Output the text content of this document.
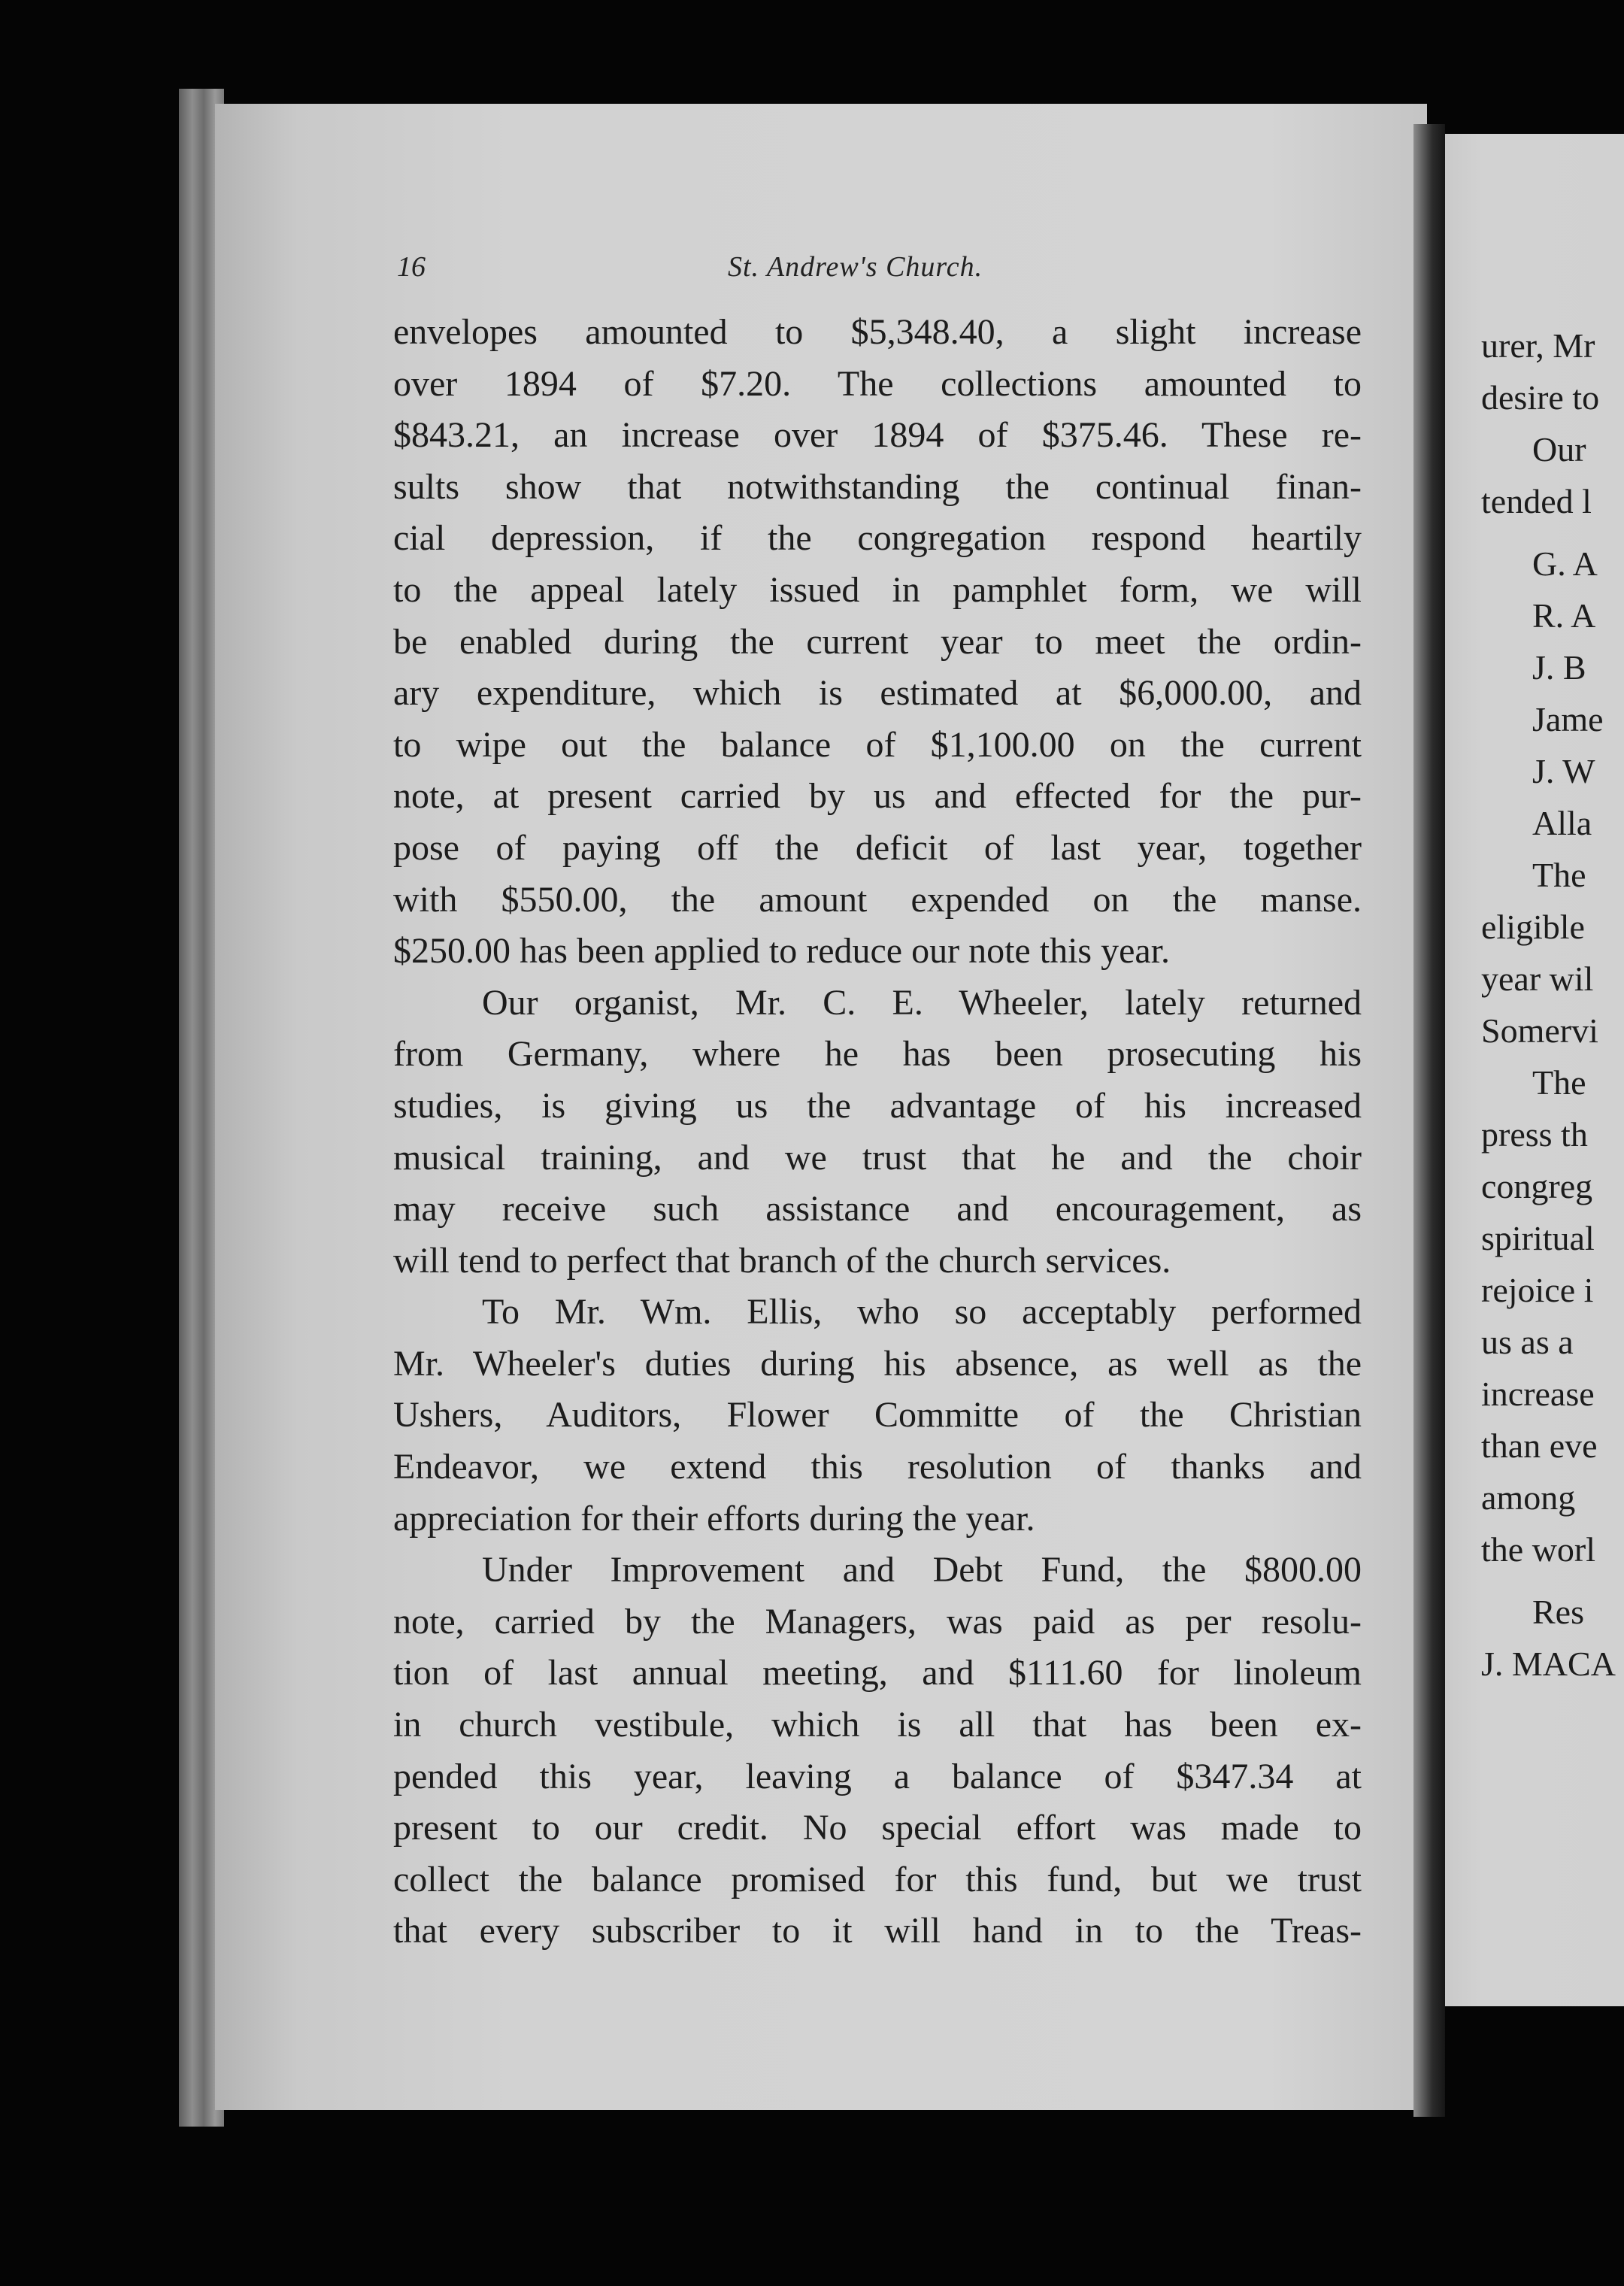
16	St. Andrew's Church.
envelopes amounted to $5,348.40, a slight increase
over 1894 of $7.20. The collections amounted to
$843.21, an increase over 1894 of $375.46. These re-
sults show that notwithstanding the continual finan-
cial depression, if the congregation respond heartily
to the appeal lately issued in pamphlet form, we will
be enabled during the current year to meet the ordin-
ary expenditure, which is estimated at $6,000.00, and
to wipe out the balance of $1,100.00 on the current
note, at present carried by us and effected for the pur-
pose of paying off the deficit of last year, together
with $550.00, the amount expended on the manse.
$250.00 has been applied to reduce our note this year.
Our organist, Mr. C. E. Wheeler, lately returned
from Germany, where he has been prosecuting his
studies, is giving us the advantage of his increased
musical training, and we trust that he and the choir
may receive such assistance and encouragement, as
will tend to perfect that branch of the church services.
To Mr. Wm. Ellis, who so acceptably performed
Mr. Wheeler's duties during his absence, as well as the
Ushers, Auditors, Flower Committe of the Christian
Endeavor, we extend this resolution of thanks and
appreciation for their efforts during the year.
Under Improvement and Debt Fund, the $800.00
note, carried by the Managers, was paid as per resolu-
tion of last annual meeting, and $111.60 for linoleum
in church vestibule, which is all that has been ex-
pended this year, leaving a balance of $347.34 at
present to our credit. No special effort was made to
collect the balance promised for this fund, but we trust
that every subscriber to it will hand in to the Treas-
urer, Mr
desire to
Our
tended l
G. A
R. A
J. B
Jame
J. W
Alla
The
eligible
year wil
Somervi
The
press th
congreg
spiritual
rejoice i
us as a
increase
than eve
among
the worl
Res
J. MACA
